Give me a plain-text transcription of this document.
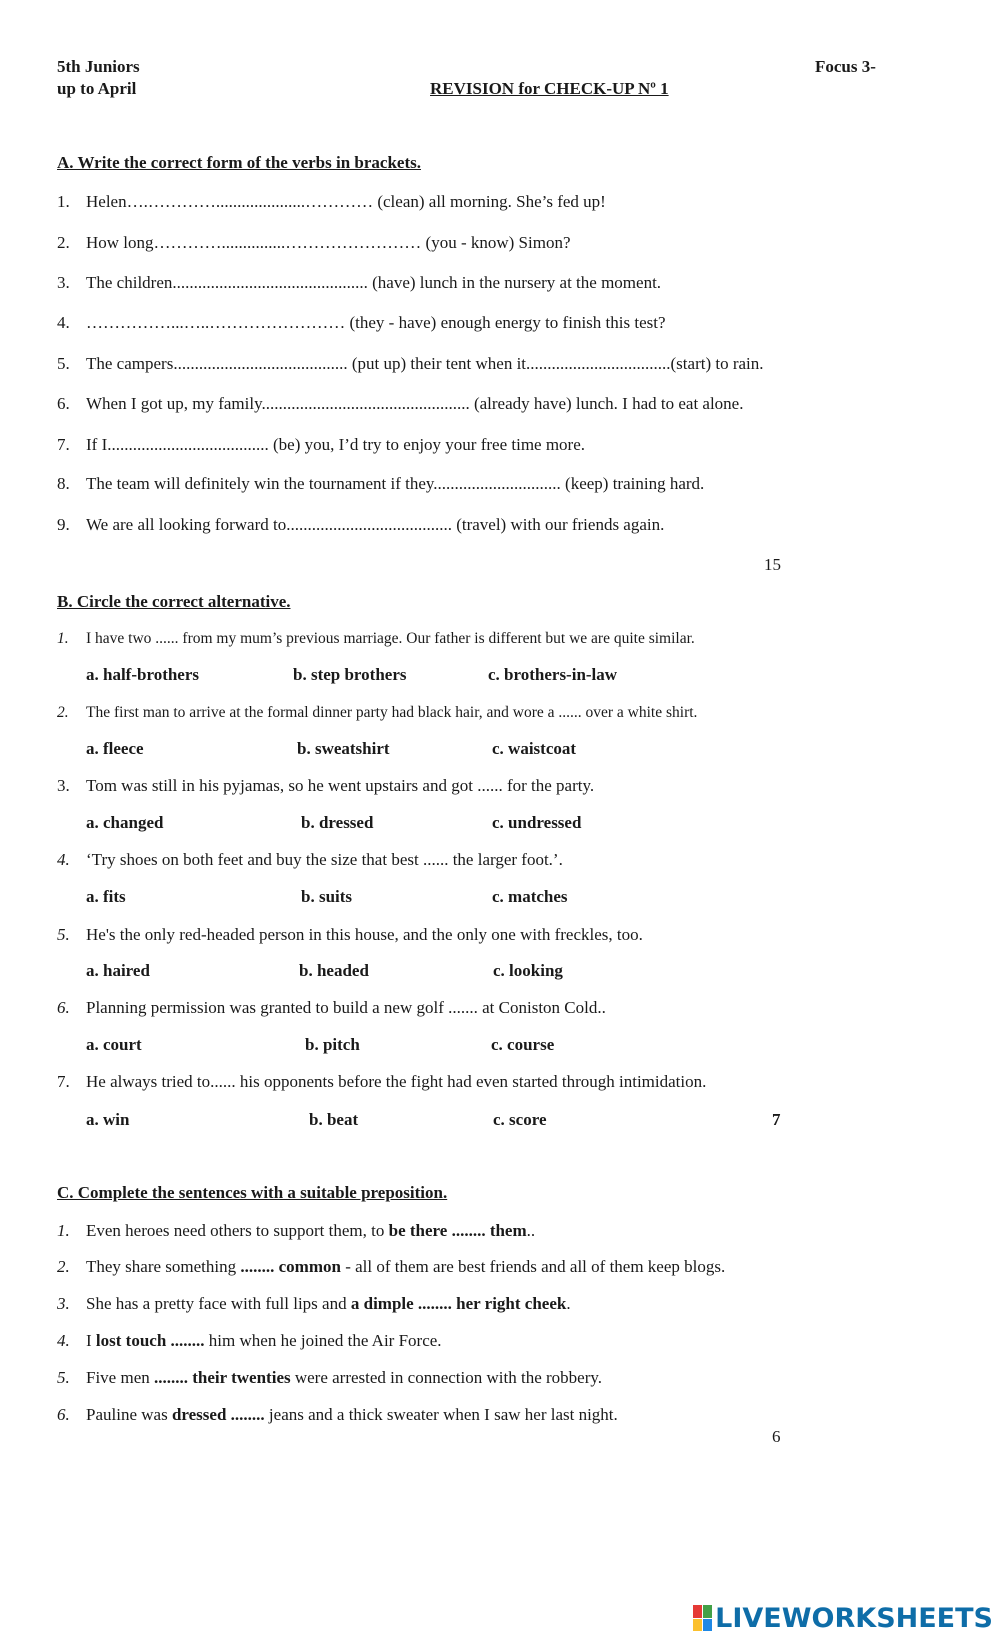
5th Juniors
up to April
Focus 3-
REVISION for CHECK-UP Nº 1
A. Write the correct form of the verbs in brackets.
1. Helen….………….....................………… (clean) all morning. She’s fed up!
2. How long…………...............…………………… (you - know) Simon?
3. The children.............................................. (have) lunch in the nursery at the moment.
4. ……………...…..…………………… (they - have) enough energy to finish this test?
5. The campers......................................... (put up) their tent when it..................................(start) to rain.
6. When I got up, my family................................................. (already have) lunch. I had to eat alone.
7. If I...................................... (be) you, I’d try to enjoy your free time more.
8. The team will definitely win the tournament if they.............................. (keep) training hard.
9. We are all looking forward to....................................... (travel) with our friends again.
15
B. Circle the correct alternative.
1. I have two ...... from my mum’s previous marriage. Our father is different but we are quite similar.
a. half-brothers	b. step brothers	c. brothers-in-law
2. The first man to arrive at the formal dinner party had black hair, and wore a ...... over a white shirt.
a. fleece	b. sweatshirt	c. waistcoat
3. Tom was still in his pyjamas, so he went upstairs and got ...... for the party.
a. changed	b. dressed	c. undressed
4. ‘Try shoes on both feet and buy the size that best ...... the larger foot.’.
a. fits	b. suits	c. matches
5. He's the only red-headed person in this house, and the only one with freckles, too.
a. haired	b. headed	c. looking
6. Planning permission was granted to build a new golf ....... at Coniston Cold..
a. court	b. pitch	c. course
7. He always tried to...... his opponents before the fight had even started through intimidation.
a. win	b. beat	c. score	7
C. Complete the sentences with a suitable preposition.
1. Even heroes need others to support them, to be there ........ them..
2. They share something ........ common - all of them are best friends and all of them keep blogs.
3. She has a pretty face with full lips and a dimple ........ her right cheek.
4. I lost touch ........ him when he joined the Air Force.
5. Five men ........ their twenties were arrested in connection with the robbery.
6. Pauline was dressed ........ jeans and a thick sweater when I saw her last night.
6
LIVEWORKSHEETS
